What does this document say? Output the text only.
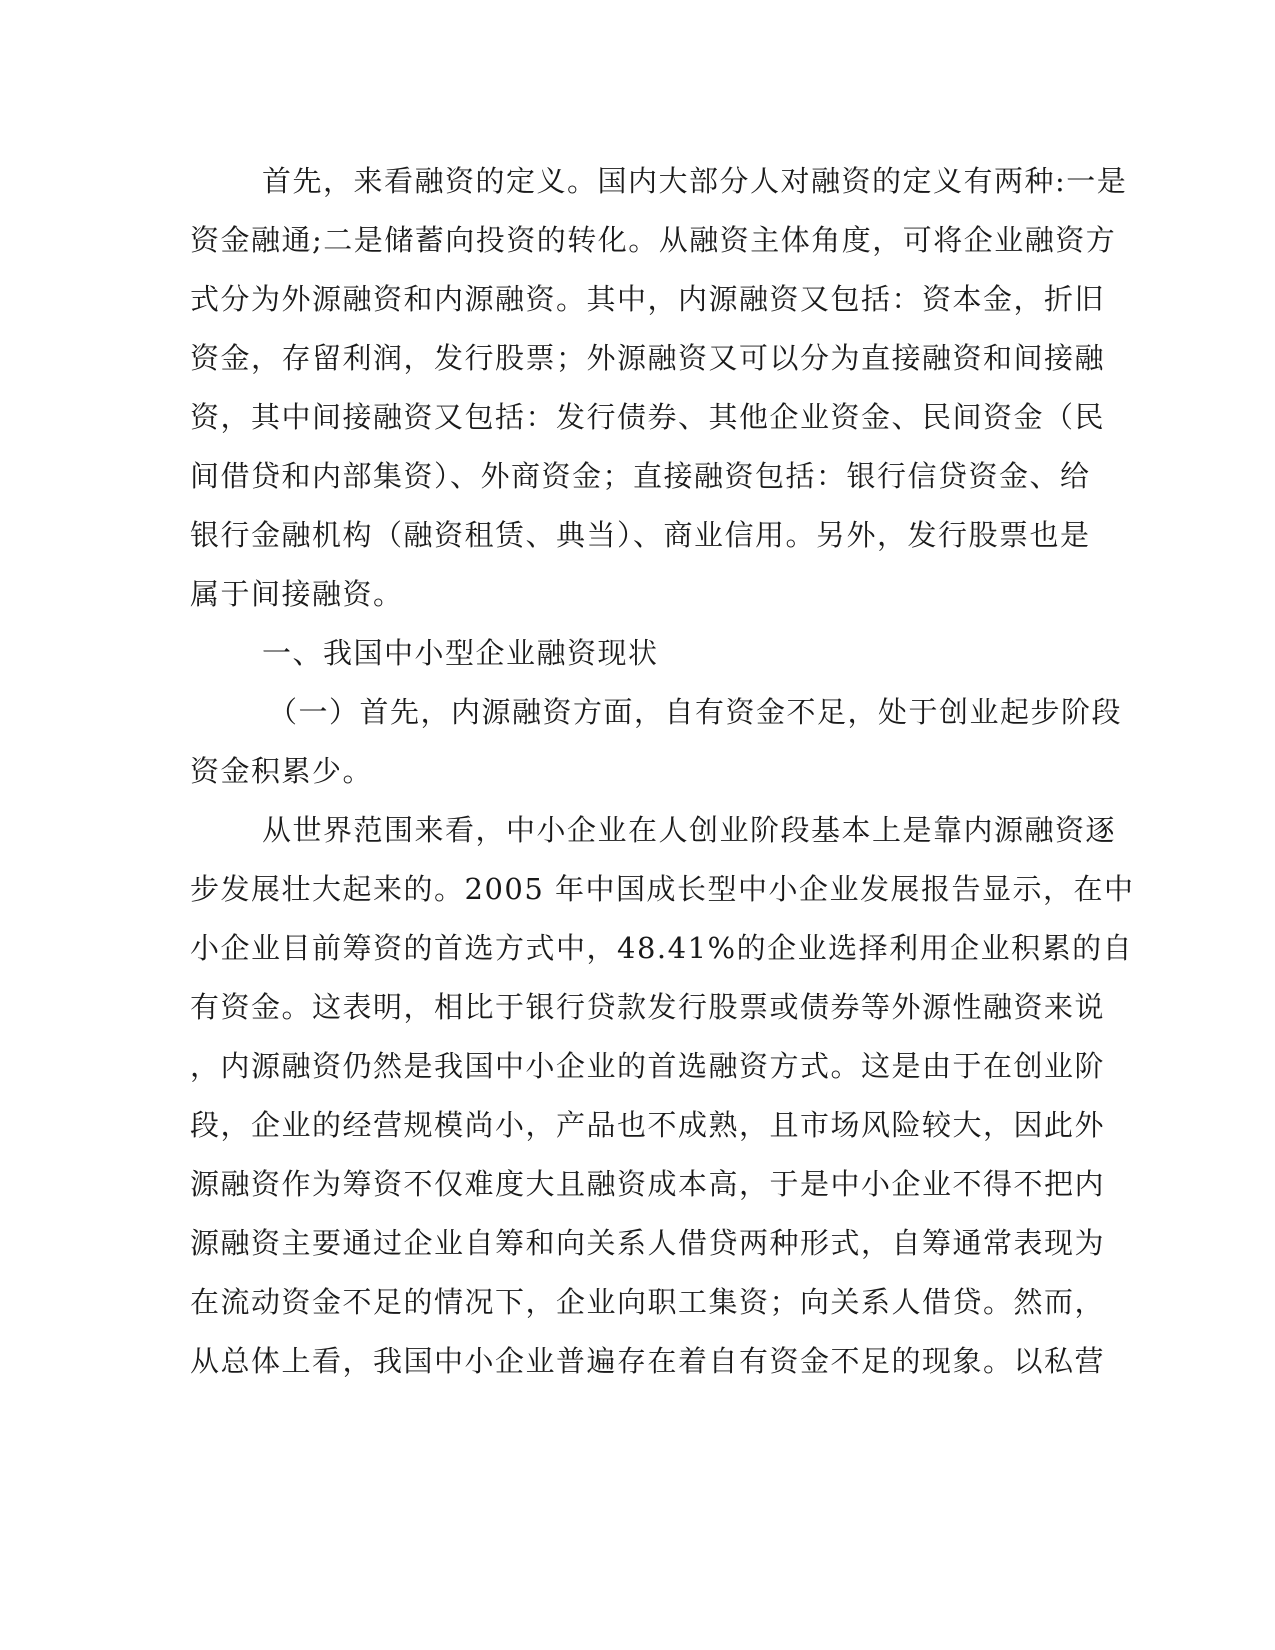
首先，来看融资的定义。国内大部分人对融资的定义有两种:一是
资金融通;二是储蓄向投资的转化。从融资主体角度，可将企业融资方
式分为外源融资和内源融资。其中，内源融资又包括：资本金，折旧
资金，存留利润，发行股票；外源融资又可以分为直接融资和间接融
资，其中间接融资又包括：发行债券、其他企业资金、民间资金（民
间借贷和内部集资）、外商资金；直接融资包括：银行信贷资金、给
银行金融机构（融资租赁、典当）、商业信用。另外，发行股票也是
属于间接融资。
一、我国中小型企业融资现状
（一）首先，内源融资方面，自有资金不足，处于创业起步阶段
资金积累少。
从世界范围来看，中小企业在人创业阶段基本上是靠内源融资逐
步发展壮大起来的。2005 年中国成长型中小企业发展报告显示，在中
小企业目前筹资的首选方式中，48.41%的企业选择利用企业积累的自
有资金。这表明，相比于银行贷款发行股票或债券等外源性融资来说
，内源融资仍然是我国中小企业的首选融资方式。这是由于在创业阶
段，企业的经营规模尚小，产品也不成熟，且市场风险较大，因此外
源融资作为筹资不仅难度大且融资成本高，于是中小企业不得不把内
源融资主要通过企业自筹和向关系人借贷两种形式，自筹通常表现为
在流动资金不足的情况下，企业向职工集资；向关系人借贷。然而，
从总体上看，我国中小企业普遍存在着自有资金不足的现象。以私营
